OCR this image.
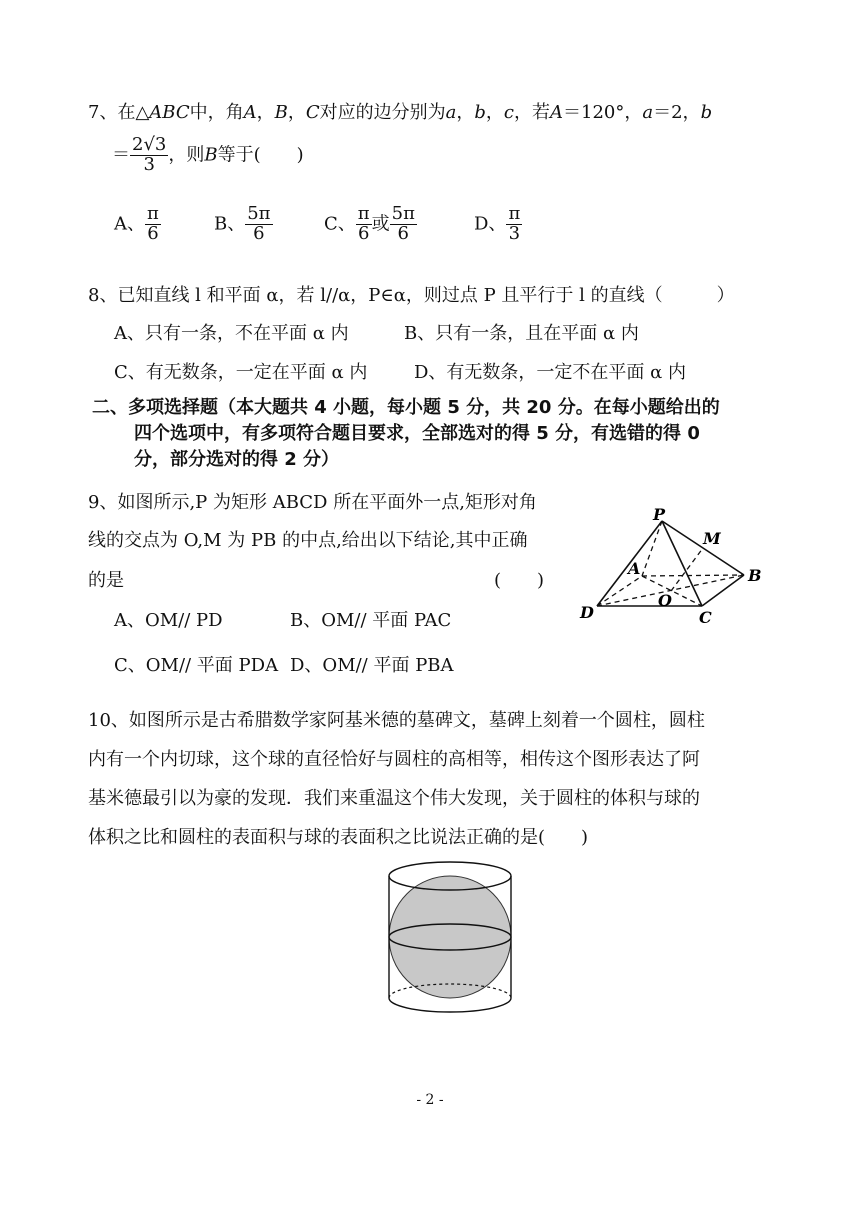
7、在△ABC中，角A，B，C对应的边分别为a，b，c，若A＝120°，a＝2，b
＝ $\frac{2√3}{3}$ ，则B等于(　　)
A、 $\frac{\pi}{6}$	B、 $\frac{5\pi}{6}$	C、 $\frac{\pi}{6}$ 或 $\frac{5\pi}{6}$	D、 $\frac{\pi}{3}$
8、已知直线 l 和平面 α，若 l//α，P∈α，则过点 P 且平行于 l 的直线（　　　）
A、只有一条，不在平面 α 内	B、只有一条，且在平面 α 内
C、有无数条，一定在平面 α 内	D、有无数条，一定不在平面 α 内
二、多项选择题（本大题共 4 小题，每小题 5 分，共 20 分。在每小题给出的
四个选项中，有多项符合题目要求，全部选对的得 5 分，有选错的得 0
分，部分选对的得 2 分）
9、如图所示,P 为矩形 ABCD 所在平面外一点,矩形对角
线的交点为 O,M 为 PB 的中点,给出以下结论,其中正确
的是	(　　)
A、OM// PD	B、OM// 平面 PAC
C、OM// 平面 PDA D、OM// 平面 PBA
P
M
A	B
O
D	C
10、如图所示是古希腊数学家阿基米德的墓碑文，墓碑上刻着一个圆柱，圆柱
内有一个内切球，这个球的直径恰好与圆柱的高相等，相传这个图形表达了阿
基米德最引以为豪的发现．我们来重温这个伟大发现，关于圆柱的体积与球的
体积之比和圆柱的表面积与球的表面积之比说法正确的是(　　)
- 2 -
